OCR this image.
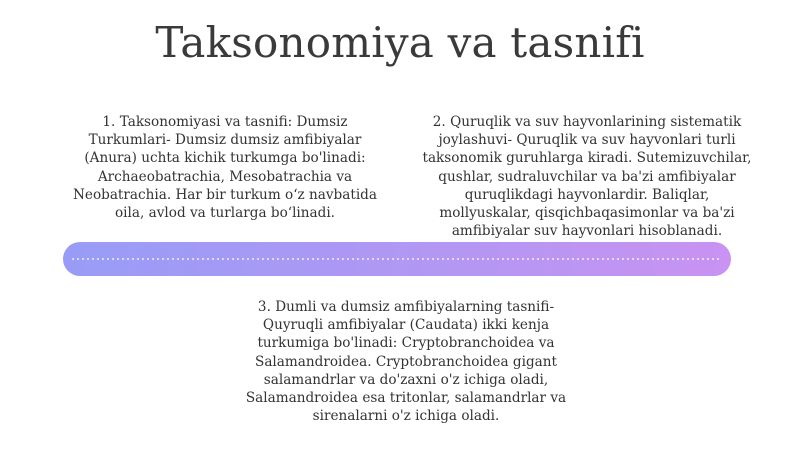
Taksonomiya va tasnifi
1. Taksonomiyasi va tasnifi: Dumsiz Turkumlari- Dumsiz dumsiz amfibiyalar (Anura) uchta kichik turkumga bo'linadi: Archaeobatrachia, Mesobatrachia va Neobatrachia. Har bir turkum o‘z navbatida oila, avlod va turlarga bo‘linadi.
2. Quruqlik va suv hayvonlarining sistematik joylashuvi- Quruqlik va suv hayvonlari turli taksonomik guruhlarga kiradi. Sutemizuvchilar, qushlar, sudraluvchilar va ba'zi amfibiyalar quruqlikdagi hayvonlardir. Baliqlar, mollyuskalar, qisqichbaqasimonlar va ba'zi amfibiyalar suv hayvonlari hisoblanadi.
3. Dumli va dumsiz amfibiyalarning tasnifi- Quyruqli amfibiyalar (Caudata) ikki kenja turkumiga bo'linadi: Cryptobranchoidea va Salamandroidea. Cryptobranchoidea gigant salamandrlar va do'zaxni o'z ichiga oladi, Salamandroidea esa tritonlar, salamandrlar va sirenalarni o'z ichiga oladi.
